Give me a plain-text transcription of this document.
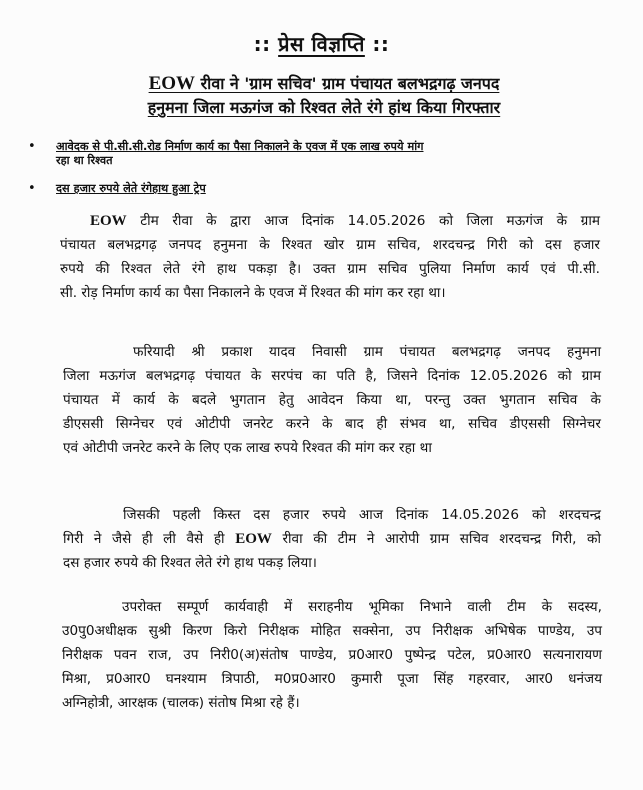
:: प्रेस विज्ञप्ति ::
EOW रीवा ने 'ग्राम सचिव' ग्राम पंचायत बलभद्रगढ़ जनपद
हनुमना जिला मऊगंज को रिश्वत लेते रंगे हांथ किया गिरफ्तार
• आवेदक से पी.सी.सी.रोड निर्माण कार्य का पैसा निकालने के एवज में एक लाख रुपये मांग
रहा था रिश्वत
• दस हजार रुपये लेते रंगेहाथ हुआ ट्रेप
EOW टीम रीवा के द्वारा आज दिनांक 14.05.2026 को जिला मऊगंज के ग्राम
पंचायत बलभद्रगढ़ जनपद हनुमना के रिश्वत खोर ग्राम सचिव, शरदचन्द्र गिरी को दस हजार
रुपये की रिश्वत लेते रंगे हाथ पकड़ा है। उक्त ग्राम सचिव पुलिया निर्माण कार्य एवं पी.सी.
सी. रोड़ निर्माण कार्य का पैसा निकालने के एवज में रिश्वत की मांग कर रहा था।
फरियादी श्री प्रकाश यादव निवासी ग्राम पंचायत बलभद्रगढ़ जनपद हनुमना
जिला मऊगंज बलभद्रगढ़ पंचायत के सरपंच का पति है, जिसने दिनांक 12.05.2026 को ग्राम
पंचायत में कार्य के बदले भुगतान हेतु आवेदन किया था, परन्तु उक्त भुगतान सचिव के
डीएससी सिग्नेचर एवं ओटीपी जनरेट करने के बाद ही संभव था, सचिव डीएससी सिग्नेचर
एवं ओटीपी जनरेट करने के लिए एक लाख रुपये रिश्वत की मांग कर रहा था
जिसकी पहली किस्त दस हजार रुपये आज दिनांक 14.05.2026 को शरदचन्द्र
गिरी ने जैसे ही ली वैसे ही EOW रीवा की टीम ने आरोपी ग्राम सचिव शरदचन्द्र गिरी, को
दस हजार रुपये की रिश्वत लेते रंगे हाथ पकड़ लिया।
उपरोक्त सम्पूर्ण कार्यवाही में सराहनीय भूमिका निभाने वाली टीम के सदस्य,
उ0पु0अधीक्षक सुश्री किरण किरो निरीक्षक मोहित सक्सेना, उप निरीक्षक अभिषेक पाण्डेय, उप
निरीक्षक पवन राज, उप निरी0(अ)संतोष पाण्डेय, प्र0आर0 पुष्पेन्द्र पटेल, प्र0आर0 सत्यनारायण
मिश्रा, प्र0आर0 घनश्याम त्रिपाठी, म0प्र0आर0 कुमारी पूजा सिंह गहरवार, आर0 धनंजय
अग्निहोत्री, आरक्षक (चालक) संतोष मिश्रा रहे हैं।
